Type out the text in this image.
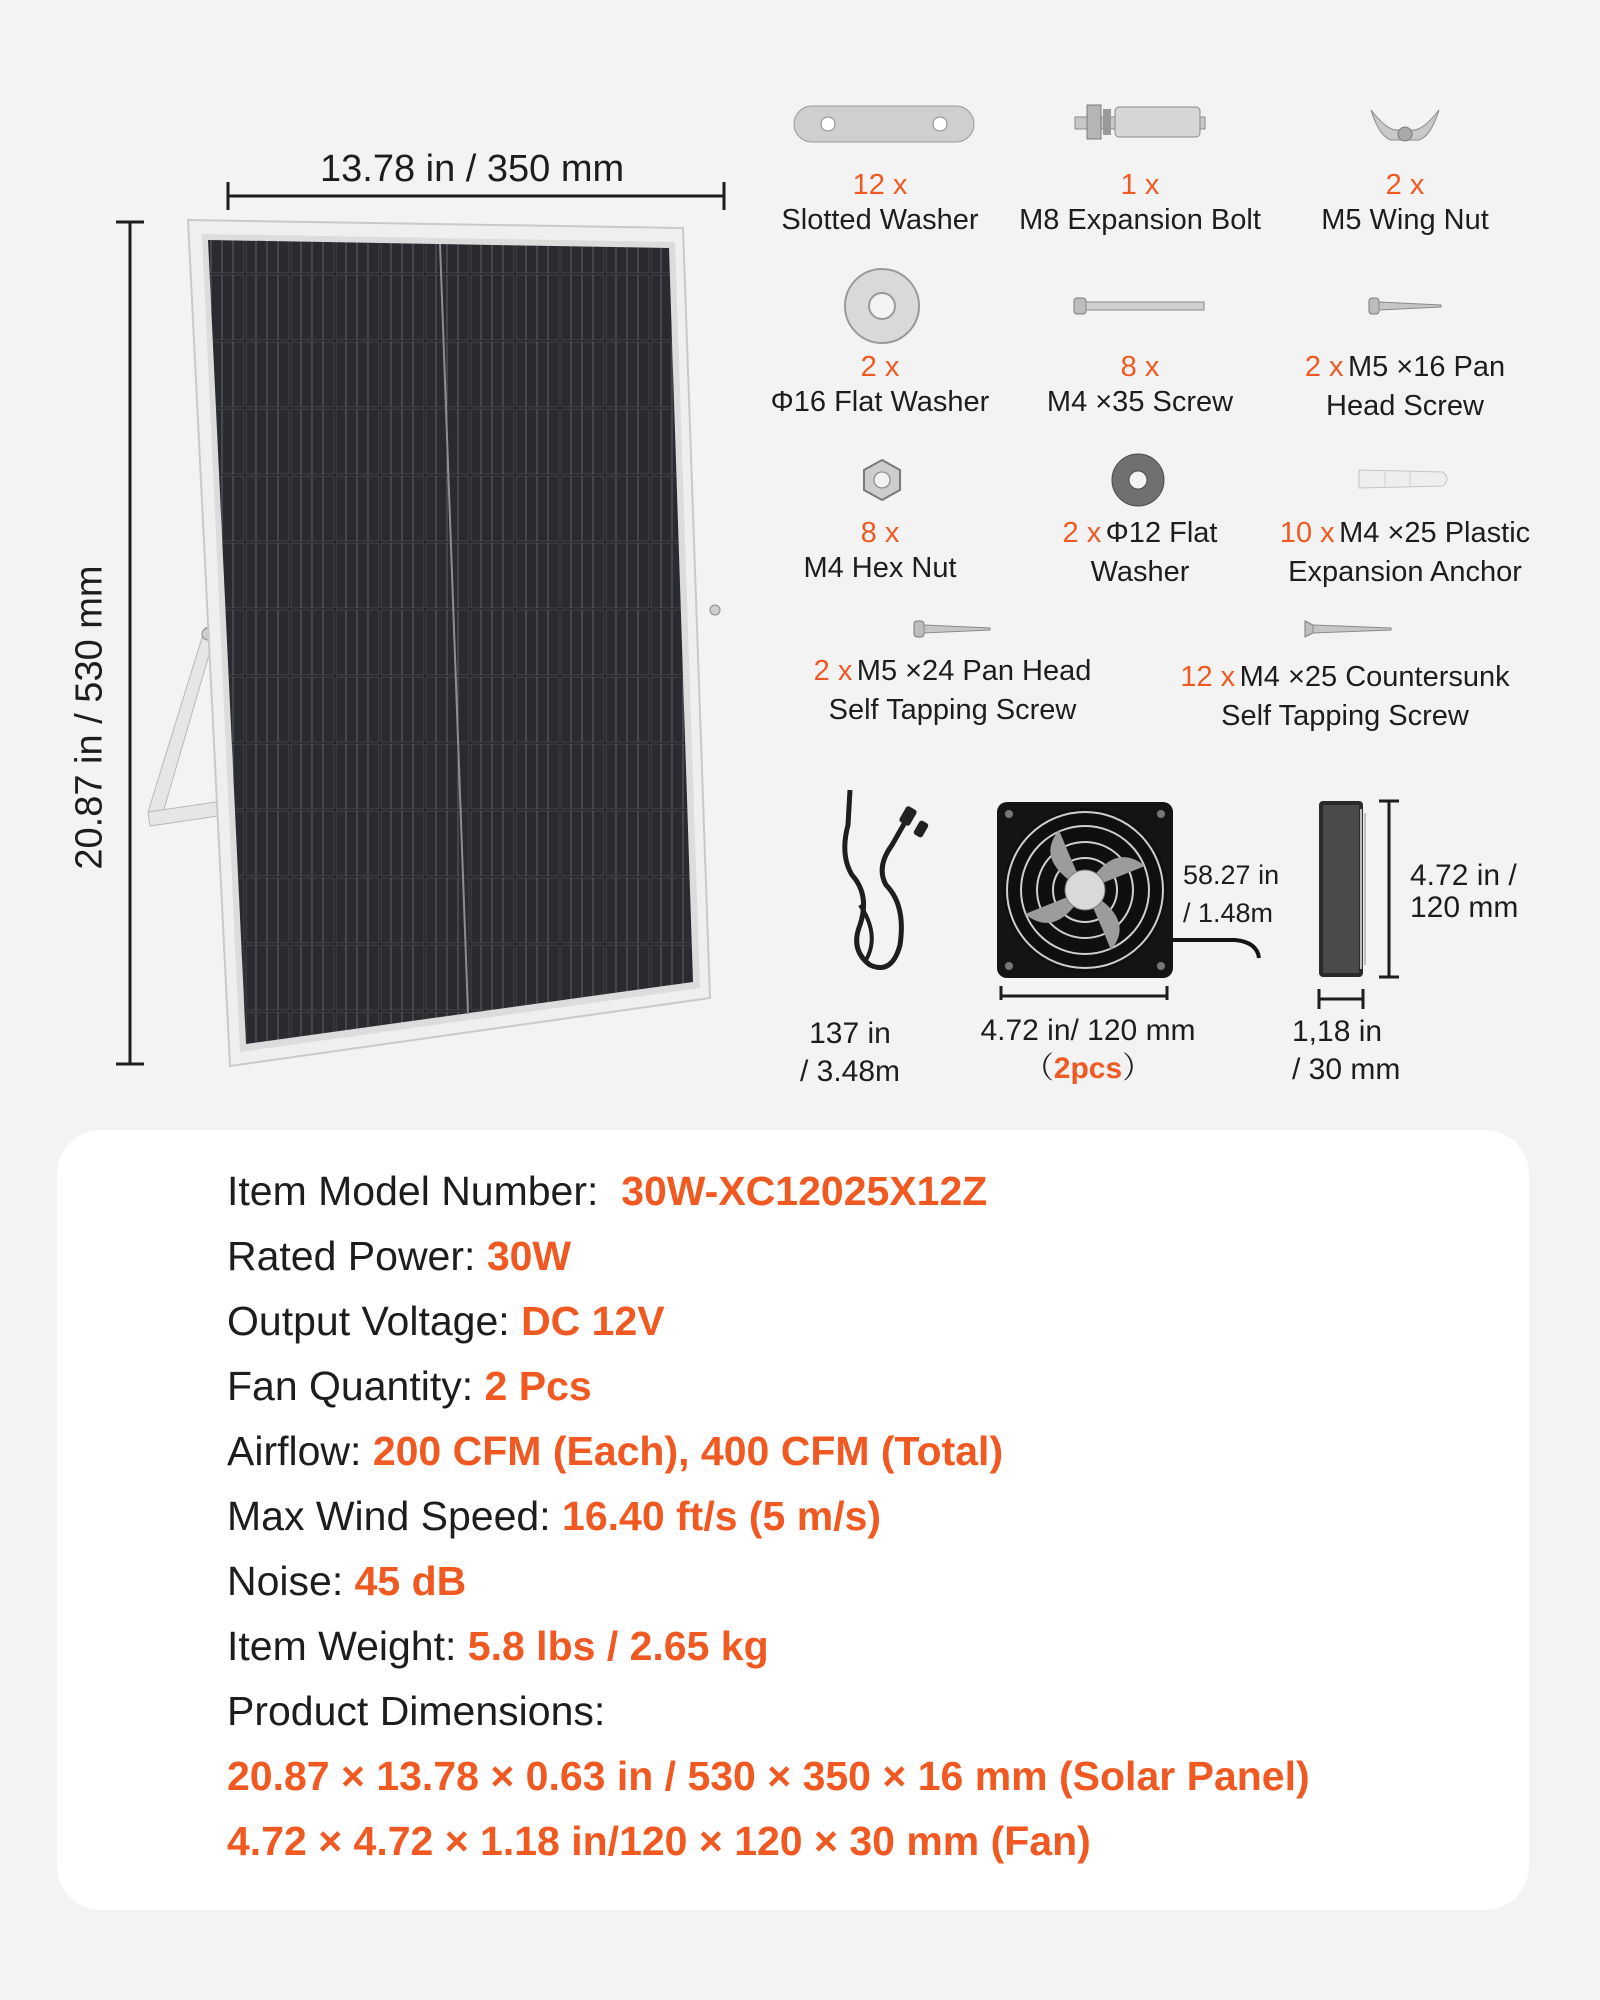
13.78 in / 350 mm
20.87 in / 530 mm
12 x
Slotted Washer
1 x
M8 Expansion Bolt
2 x
M5 Wing Nut
2 x
Φ16 Flat Washer
8 x
M4 ×35 Screw
2 x M5 ×16 Pan
Head Screw
8 x
M4 Hex Nut
2 x Φ12 Flat
Washer
10 x M4 ×25 Plastic
Expansion Anchor
2 x M5 ×24 Pan Head
Self Tapping Screw
12 x M4 ×25 Countersunk
Self Tapping Screw
137 in
/ 3.48m
58.27 in
/ 1.48m
4.72 in/ 120 mm
（2pcs）
4.72 in /
120 mm
1,18 in
/ 30 mm
Item Model Number: 30W-XC12025X12Z
Rated Power: 30W
Output Voltage: DC 12V
Fan Quantity: 2 Pcs
Airflow: 200 CFM (Each), 400 CFM (Total)
Max Wind Speed: 16.40 ft/s (5 m/s)
Noise: 45 dB
Item Weight: 5.8 lbs / 2.65 kg
Product Dimensions:
20.87 × 13.78 × 0.63 in / 530 × 350 × 16 mm (Solar Panel)
4.72 × 4.72 × 1.18 in/120 × 120 × 30 mm (Fan)
